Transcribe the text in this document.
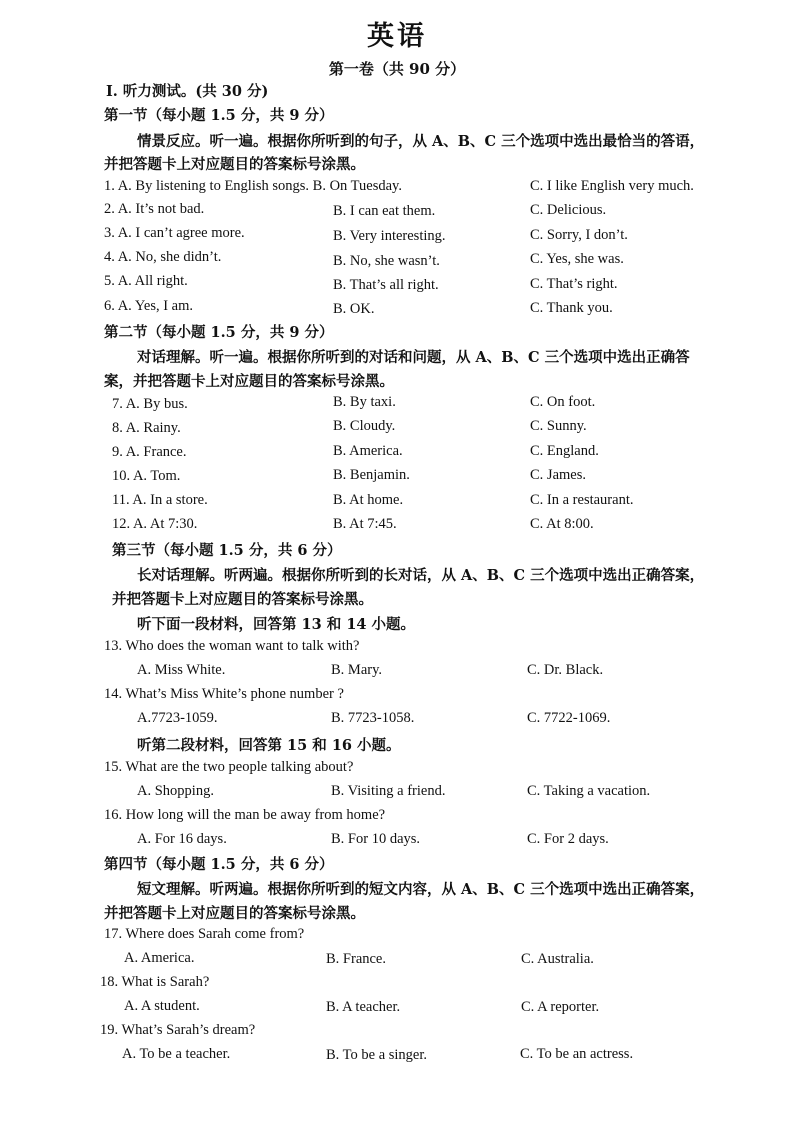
英语
第一卷（共 90 分）
I. 听力测试。(共 30 分)
第一节（每小题 1.5 分，共 9 分）
情景反应。听一遍。根据你所听到的句子，从 A、B、C 三个选项中选出最恰当的答语，
并把答题卡上对应题目的答案标号涂黑。
1. A. By listening to English songs. B. On Tuesday.	C. I like English very much.
2. A. It’s not bad.	B. I can eat them.	C. Delicious.
3. A. I can’t agree more.	B. Very interesting.	C. Sorry, I don’t.
4. A. No, she didn’t.	B. No, she wasn’t.	C. Yes, she was.
5. A. All right.	B. That’s all right.	C. That’s right.
6. A. Yes, I am.	B. OK.	C. Thank you.
第二节（每小题 1.5 分，共 9 分）
对话理解。听一遍。根据你所听到的对话和问题，从 A、B、C 三个选项中选出正确答
案，并把答题卡上对应题目的答案标号涂黑。
7. A. By bus.	B. By taxi.	C. On foot.
8. A. Rainy.	B. Cloudy.	C. Sunny.
9. A. France.	B. America.	C. England.
10. A. Tom.	B. Benjamin.	C. James.
11. A. In a store.	B. At home.	C. In a restaurant.
12. A. At 7:30.	B. At 7:45.	C. At 8:00.
第三节（每小题 1.5 分，共 6 分）
长对话理解。听两遍。根据你所听到的长对话，从 A、B、C 三个选项中选出正确答案，
并把答题卡上对应题目的答案标号涂黑。
听下面一段材料，回答第 13 和 14 小题。
13. Who does the woman want to talk with?
A. Miss White.	B. Mary.	C. Dr. Black.
14. What’s Miss White’s phone number ?
A.7723-1059.	B. 7723-1058.	C. 7722-1069.
听第二段材料，回答第 15 和 16 小题。
15. What are the two people talking about?
A. Shopping.	B. Visiting a friend.	C. Taking a vacation.
16. How long will the man be away from home?
A. For 16 days.	B. For 10 days.	C. For 2 days.
第四节（每小题 1.5 分，共 6 分）
短文理解。听两遍。根据你所听到的短文内容，从 A、B、C 三个选项中选出正确答案，
并把答题卡上对应题目的答案标号涂黑。
17. Where does Sarah come from?
A. America.	B. France.	C. Australia.
18. What is Sarah?
A. A student.	B. A teacher.	C. A reporter.
19. What’s Sarah’s dream?
A. To be a teacher.	B. To be a singer.	C. To be an actress.
